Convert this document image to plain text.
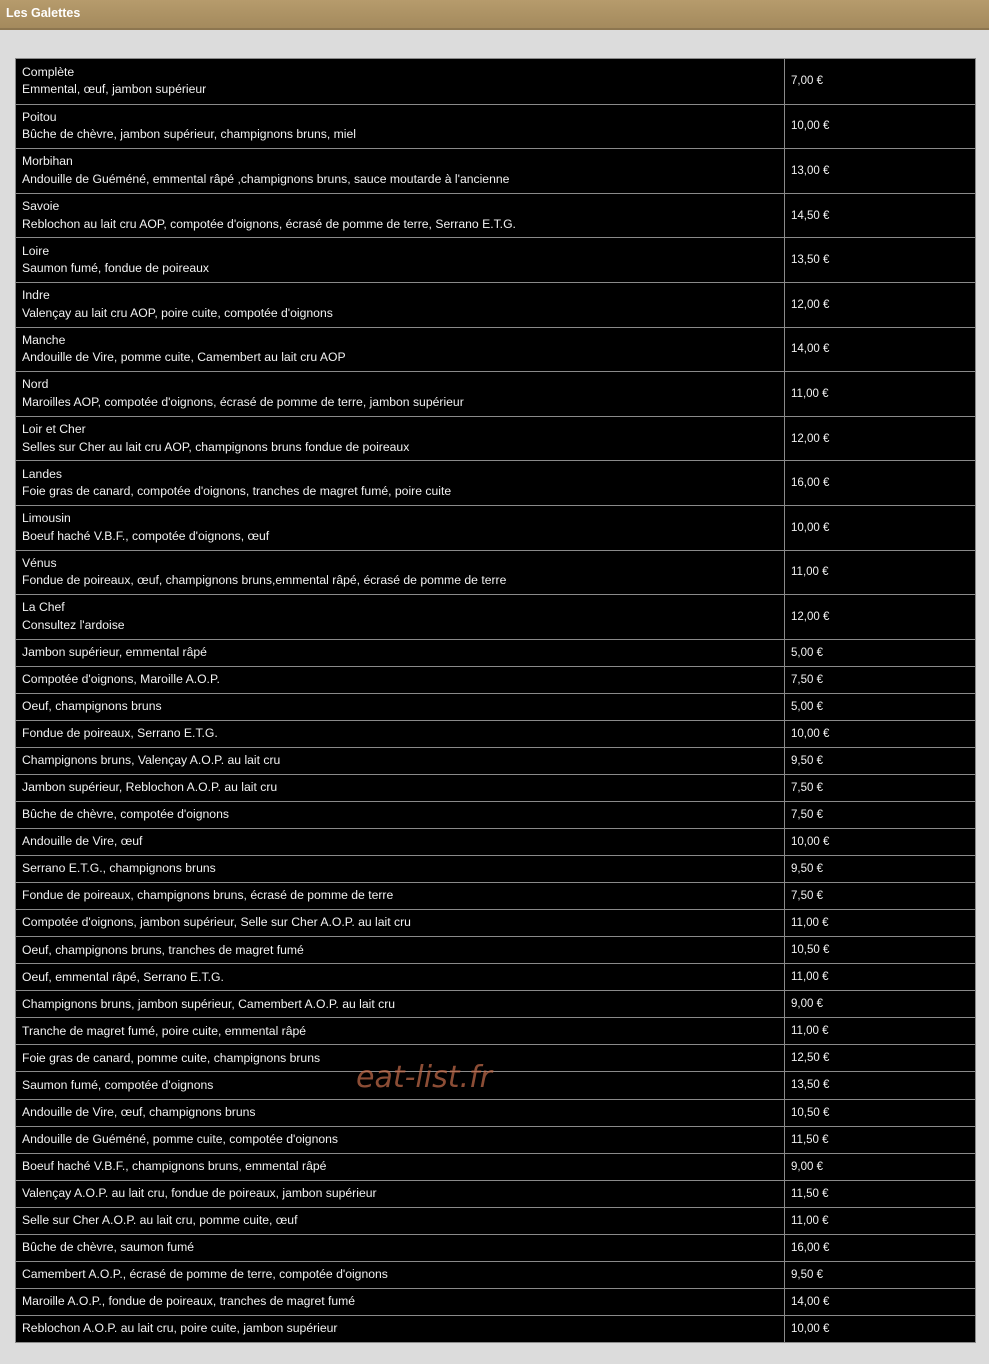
Les Galettes
Complète
Emmental, œuf, jambon supérieur
7,00 €
Poitou
Bûche de chèvre, jambon supérieur, champignons bruns, miel
10,00 €
Morbihan
Andouille de Guéméné, emmental râpé ,champignons bruns, sauce moutarde à l'ancienne
13,00 €
Savoie
Reblochon au lait cru AOP, compotée d'oignons, écrasé de pomme de terre, Serrano E.T.G.
14,50 €
Loire
Saumon fumé, fondue de poireaux
13,50 €
Indre
Valençay au lait cru AOP, poire cuite, compotée d'oignons
12,00 €
Manche
Andouille de Vire, pomme cuite, Camembert au lait cru AOP
14,00 €
Nord
Maroilles AOP, compotée d'oignons, écrasé de pomme de terre, jambon supérieur
11,00 €
Loir et Cher
Selles sur Cher au lait cru AOP, champignons bruns fondue de poireaux
12,00 €
Landes
Foie gras de canard, compotée d'oignons, tranches de magret fumé, poire cuite
16,00 €
Limousin
Boeuf haché V.B.F., compotée d'oignons, œuf
10,00 €
Vénus
Fondue de poireaux, œuf, champignons bruns,emmental râpé, écrasé de pomme de terre
11,00 €
La Chef
Consultez l'ardoise
12,00 €
Jambon supérieur, emmental râpé	5,00 €
Compotée d'oignons, Maroille A.O.P.	7,50 €
Oeuf, champignons bruns	5,00 €
Fondue de poireaux, Serrano E.T.G.	10,00 €
Champignons bruns, Valençay A.O.P. au lait cru	9,50 €
Jambon supérieur, Reblochon A.O.P. au lait cru	7,50 €
Bûche de chèvre, compotée d'oignons	7,50 €
Andouille de Vire, œuf	10,00 €
Serrano E.T.G., champignons bruns	9,50 €
Fondue de poireaux, champignons bruns, écrasé de pomme de terre	7,50 €
Compotée d'oignons, jambon supérieur, Selle sur Cher A.O.P. au lait cru	11,00 €
Oeuf, champignons bruns, tranches de magret fumé	10,50 €
Oeuf, emmental râpé, Serrano E.T.G.	11,00 €
Champignons bruns, jambon supérieur, Camembert A.O.P. au lait cru	9,00 €
Tranche de magret fumé, poire cuite, emmental râpé	11,00 €
Foie gras de canard, pomme cuite, champignons bruns	12,50 €
Saumon fumé, compotée d'oignons	13,50 €
Andouille de Vire, œuf, champignons bruns	10,50 €
Andouille de Guéméné, pomme cuite, compotée d'oignons	11,50 €
Boeuf haché V.B.F., champignons bruns, emmental râpé	9,00 €
Valençay A.O.P. au lait cru, fondue de poireaux, jambon supérieur	11,50 €
Selle sur Cher A.O.P. au lait cru, pomme cuite, œuf	11,00 €
Bûche de chèvre, saumon fumé	16,00 €
Camembert A.O.P., écrasé de pomme de terre, compotée d'oignons	9,50 €
Maroille A.O.P., fondue de poireaux, tranches de magret fumé	14,00 €
Reblochon A.O.P. au lait cru, poire cuite, jambon supérieur	10,00 €
eat-list.fr
